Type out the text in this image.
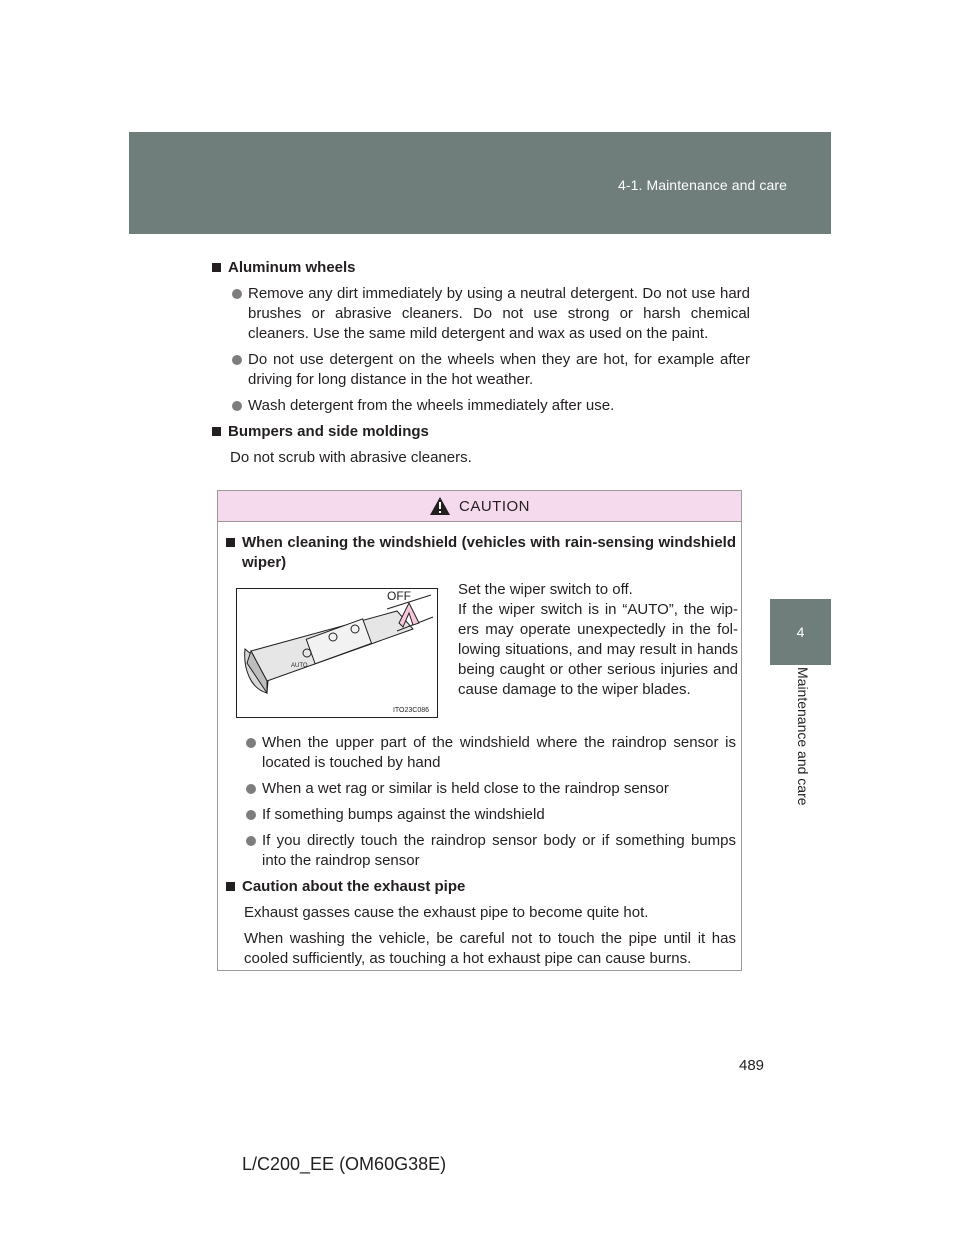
4-1. Maintenance and care
4
Maintenance and care
Aluminum wheels
Remove any dirt immediately by using a neutral detergent. Do not use hard brushes or abrasive cleaners. Do not use strong or harsh chemical cleaners. Use the same mild detergent and wax as used on the paint.
Do not use detergent on the wheels when they are hot, for example after driving for long distance in the hot weather.
Wash detergent from the wheels immediately after use.
Bumpers and side moldings
Do not scrub with abrasive cleaners.
CAUTION
When cleaning the windshield (vehicles with rain-sensing windshield wiper)
When the upper part of the windshield where the raindrop sensor is located is touched by hand
When a wet rag or similar is held close to the raindrop sensor
If something bumps against the windshield
If you directly touch the raindrop sensor body or if something bumps into the raindrop sensor
Caution about the exhaust pipe
Exhaust gasses cause the exhaust pipe to become quite hot.
When washing the vehicle, be careful not to touch the pipe until it has cooled sufficiently, as touching a hot exhaust pipe can cause burns.
AUTO
OFF
ITO23C086
Set the wiper switch to off.
If the wiper switch is in “AUTO”, the wip-ers may operate unexpectedly in the fol-lowing situations, and may result in hands being caught or other serious injuries and cause damage to the wiper blades.
489
L/C200_EE (OM60G38E)
